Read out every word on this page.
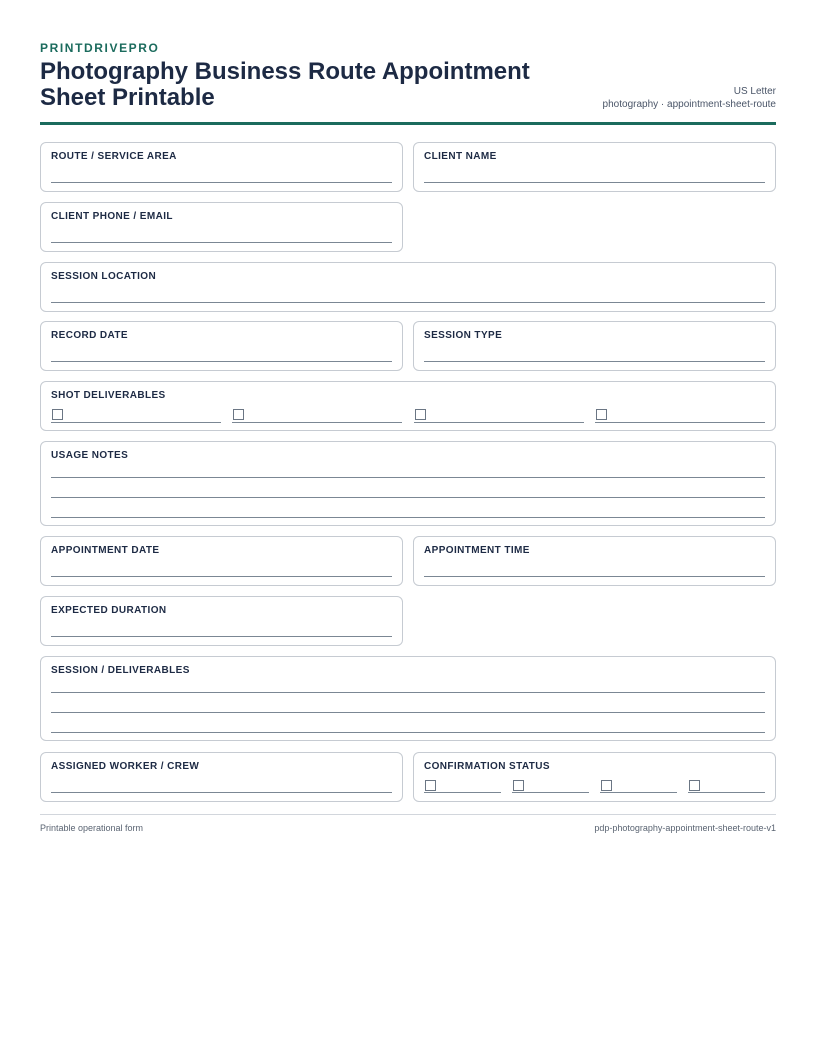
PRINTDRIVEPRO
Photography Business Route Appointment Sheet Printable	US Letter
photography · appointment-sheet-route
ROUTE / SERVICE AREA	CLIENT NAME
CLIENT PHONE / EMAIL
SESSION LOCATION
RECORD DATE	SESSION TYPE
SHOT DELIVERABLES
USAGE NOTES
APPOINTMENT DATE	APPOINTMENT TIME
EXPECTED DURATION
SESSION / DELIVERABLES
ASSIGNED WORKER / CREW	CONFIRMATION STATUS
Printable operational form	pdp-photography-appointment-sheet-route-v1
